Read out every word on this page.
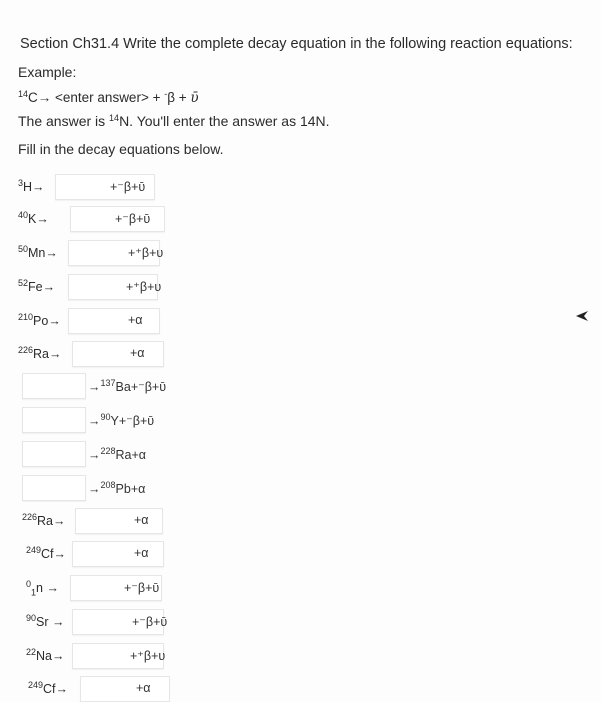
Section Ch31.4 Write the complete decay equation in the following reaction equations:
Example:
$^{14}$C→ <enter answer> + -β + ῡ
The answer is $^{14}$N. You'll enter the answer as 14N.
Fill in the decay equations below.
$^3$H→	+⁻β+ῡ
$^{40}$K→	+⁻β+ῡ
$^{50}$Mn→	+⁺β+υ
$^{52}$Fe→	+⁺β+υ
$^{210}$Po→	+α
$^{226}$Ra→	+α
→$^{137}$Ba+⁻β+ῡ
→$^{90}$Y+⁻β+ῡ
→$^{228}$Ra+α
→$^{208}$Pb+α
$^{226}$Ra→	+α
$^{249}$Cf→	+α
$^0_1$n →	+⁻β+ῡ
$^{90}$Sr →	+⁻β+ῡ
$^{22}$Na→	+⁺β+υ
$^{249}$Cf→	+α
